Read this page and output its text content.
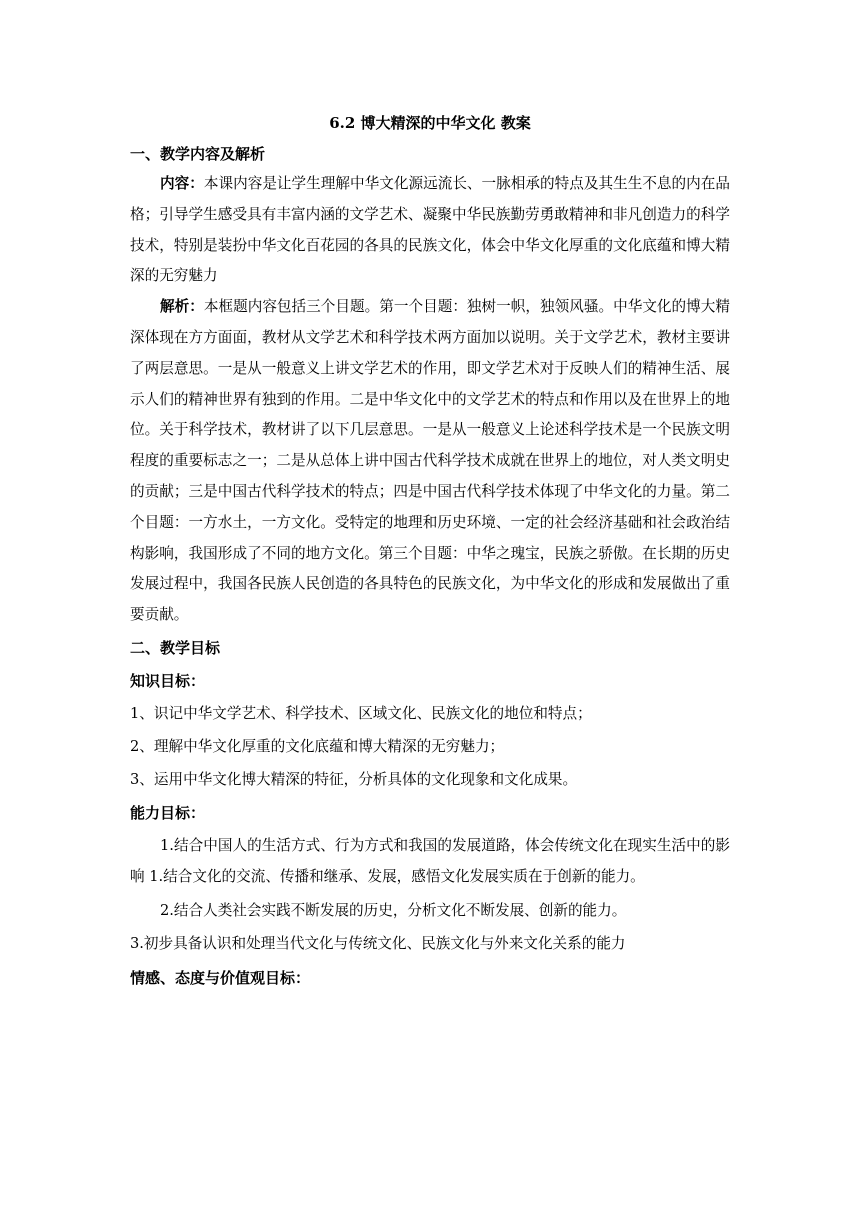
6.2 博大精深的中华文化 教案

一、教学内容及解析

内容：本课内容是让学生理解中华文化源远流长、一脉相承的特点及其生生不息的内在品格；引导学生感受具有丰富内涵的文学艺术、凝聚中华民族勤劳勇敢精神和非凡创造力的科学技术，特别是装扮中华文化百花园的各具的民族文化，体会中华文化厚重的文化底蕴和博大精深的无穷魅力

解析：本框题内容包括三个目题。第一个目题：独树一帜，独领风骚。中华文化的博大精深体现在方方面面，教材从文学艺术和科学技术两方面加以说明。关于文学艺术，教材主要讲了两层意思。一是从一般意义上讲文学艺术的作用，即文学艺术对于反映人们的精神生活、展示人们的精神世界有独到的作用。二是中华文化中的文学艺术的特点和作用以及在世界上的地位。关于科学技术，教材讲了以下几层意思。一是从一般意义上论述科学技术是一个民族文明程度的重要标志之一；二是从总体上讲中国古代科学技术成就在世界上的地位，对人类文明史的贡献；三是中国古代科学技术的特点；四是中国古代科学技术体现了中华文化的力量。第二个目题：一方水土，一方文化。受特定的地理和历史环境、一定的社会经济基础和社会政治结构影响，我国形成了不同的地方文化。第三个目题：中华之瑰宝，民族之骄傲。在长期的历史发展过程中，我国各民族人民创造的各具特色的民族文化，为中华文化的形成和发展做出了重要贡献。

二、教学目标

知识目标：

1、识记中华文学艺术、科学技术、区域文化、民族文化的地位和特点；

2、理解中华文化厚重的文化底蕴和博大精深的无穷魅力；

3、运用中华文化博大精深的特征，分析具体的文化现象和文化成果。

能力目标：

1.结合中国人的生活方式、行为方式和我国的发展道路，体会传统文化在现实生活中的影响 1.结合文化的交流、传播和继承、发展，感悟文化发展实质在于创新的能力。

2.结合人类社会实践不断发展的历史，分析文化不断发展、创新的能力。

3.初步具备认识和处理当代文化与传统文化、民族文化与外来文化关系的能力

情感、态度与价值观目标：
